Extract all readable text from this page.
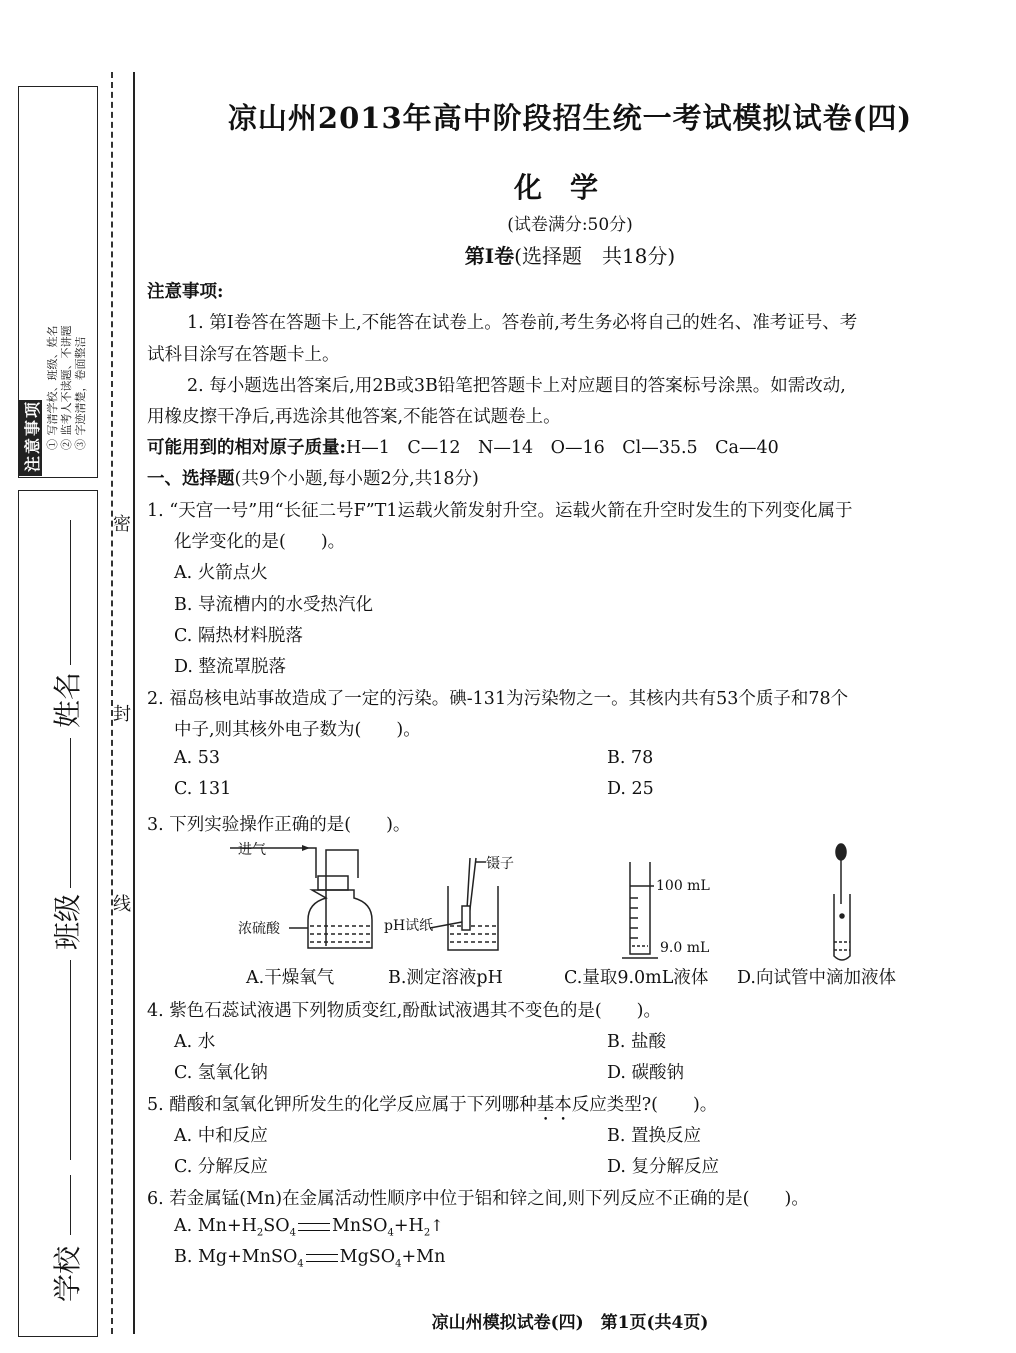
注意事项 ① 写清学校、班级、姓名 ② 监考人不读题、不讲题 ③ 字迹清楚，卷面整洁
学校
班级
姓名
密
封
线
凉山州2013年高中阶段招生统一考试模拟试卷(四)
化学
(试卷满分:50分)
第Ⅰ卷(选择题　共18分)
注意事项:
1. 第Ⅰ卷答在答题卡上,不能答在试卷上。答卷前,考生务必将自己的姓名、准考证号、考
试科目涂写在答题卡上。
2. 每小题选出答案后,用2B或3B铅笔把答题卡上对应题目的答案标号涂黑。如需改动,
用橡皮擦干净后,再选涂其他答案,不能答在试题卷上。
可能用到的相对原子质量:H—1　C—12　N—14　O—16　Cl—35.5　Ca—40
一、选择题(共9个小题,每小题2分,共18分)
1. “天宫一号”用“长征二号F”T1运载火箭发射升空。运载火箭在升空时发生的下列变化属于
化学变化的是(　　)。
A. 火箭点火
B. 导流槽内的水受热汽化
C. 隔热材料脱落
D. 整流罩脱落
2. 福岛核电站事故造成了一定的污染。碘-131为污染物之一。其核内共有53个质子和78个
中子,则其核外电子数为(　　)。
A. 53	B. 78
C. 131	D. 25
3. 下列实验操作正确的是(　　)。
进气
浓硫酸
镊子
pH试纸
100 mL
9.0 mL
A.干燥氧气	B.测定溶液pH	C.量取9.0mL液体 D.向试管中滴加液体
4. 紫色石蕊试液遇下列物质变红,酚酞试液遇其不变色的是(　　)。
A. 水	B. 盐酸
C. 氢氧化钠	D. 碳酸钠
5. 醋酸和氢氧化钾所发生的化学反应属于下列哪种基本反应类型?(　　)。
A. 中和反应	B. 置换反应
C. 分解反应	D. 复分解反应
6. 若金属锰(Mn)在金属活动性顺序中位于铝和锌之间,则下列反应不正确的是(　　)。
A. $Mn+H_2SO_4$ $MnSO_4+H_2↑$
B. Mg+MnSO$_4$ MgSO$_4$+Mn
凉山州模拟试卷(四)　第1页(共4页)
